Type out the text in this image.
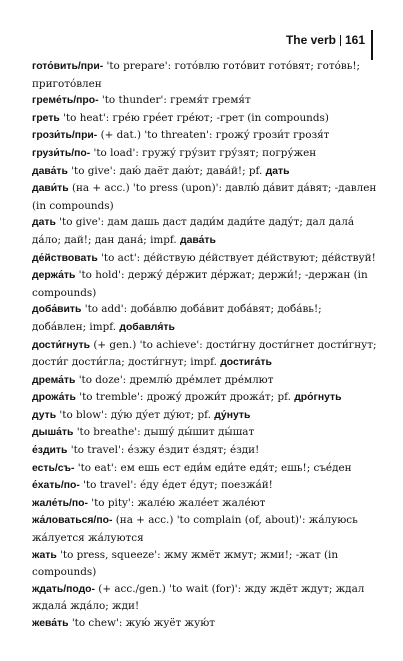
The verb 161

гото́вить/при- 'to prepare': гото́влю гото́вит гото́вят; гото́вь!; пригото́влен

греме́ть/про- 'to thunder': гремя́т гремя́т

греть 'to heat': гре́ю гре́ет гре́ют; -грет (in compounds)

грози́ть/при- (+ dat.) 'to threaten': грожу́ грози́т грозя́т

грузи́ть/по- 'to load': гружу́ гру́зит гру́зят; погру́жен

дава́ть 'to give': даю́ даёт даю́т; дава́й!; pf. дать

дави́ть (на + acc.) 'to press (upon)': давлю́ да́вит да́вят; -давлен (in compounds)

дать 'to give': дам дашь даст дади́м дади́те даду́т; дал дала́ да́ло; дай!; дан дана́; impf. дава́ть

де́йствовать 'to act': де́йствую де́йствует де́йствуют; де́йствуй!

держа́ть 'to hold': держу́ де́ржит де́ржат; держи́!; -держан (in compounds)

доба́вить 'to add': доба́влю доба́вит доба́вят; доба́вь!; доба́влен; impf. добавля́ть

дости́гнуть (+ gen.) 'to achieve': дости́гну дости́гнет дости́гнут; дости́г дости́гла; дости́гнут; impf. достига́ть

дрема́ть 'to doze': дремлю́ дре́млет дре́млют

дрожа́ть 'to tremble': дрожу́ дрожи́т дрожа́т; pf. дро́гнуть

дуть 'to blow': ду́ю ду́ет ду́ют; pf. ду́нуть

дыша́ть 'to breathe': дышу́ ды́шит ды́шат

е́здить 'to travel': е́зжу е́здит е́здят; е́зди!

есть/съ- 'to eat': ем ешь ест еди́м еди́те едя́т; ешь!; съе́ден

е́хать/по- 'to travel': е́ду е́дет е́дут; поезжа́й!

жале́ть/по- 'to pity': жале́ю жале́ет жале́ют

жа́ловаться/по- (на + acc.) 'to complain (of, about)': жа́луюсь жа́луется жа́луются

жать 'to press, squeeze': жму жмёт жмут; жми!; -жат (in compounds)

ждать/подо- (+ acc./gen.) 'to wait (for)': жду ждёт ждут; ждал ждала́ жда́ло; жди!

жева́ть 'to chew': жую́ жуёт жую́т
